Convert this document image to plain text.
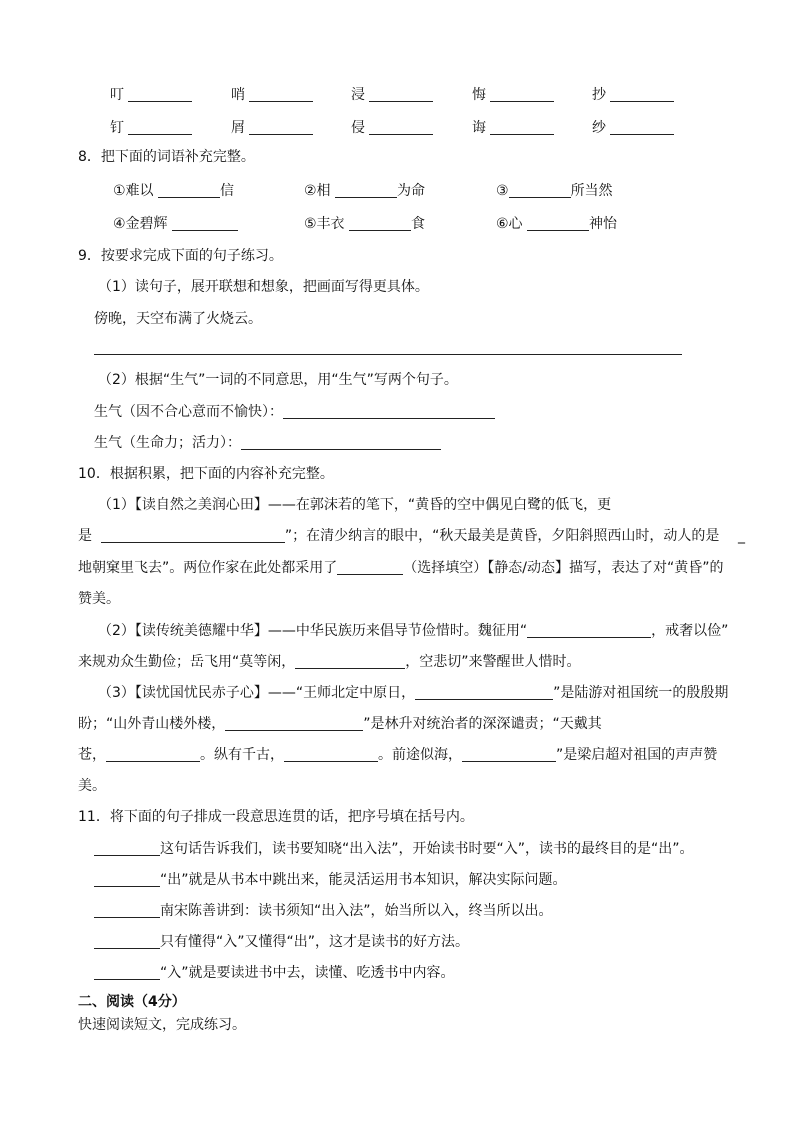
叮	哨	浸	悔	抄
钉	屑	侵	诲	纱
8．把下面的词语补充完整。
①难以	信	②相	为命	③	所当然
④金碧辉	⑤丰衣	食	⑥心	神怡
9．按要求完成下面的句子练习。
（1）读句子，展开联想和想象，把画面写得更具体。
傍晚，天空布满了火烧云。
（2）根据“生气”一词的不同意思，用“生气”写两个句子。
生气（因不合心意而不愉快）：
生气（生命力；活力）：
10．根据积累，把下面的内容补充完整。
（1）【读自然之美润心田】——在郭沫若的笔下，“黄昏的空中偶见白鹭的低飞，更
是	”；在清少纳言的眼中，“秋天最美是黄昏，夕阳斜照西山时，动人的是 _
地朝窠里飞去”。两位作家在此处都采用了	（选择填空）【静态/动态】描写，表达了对“黄昏”的
赞美。
（2）【读传统美德耀中华】——中华民族历来倡导节俭惜时。魏征用“	，戒奢以俭”
来规劝众生勤俭；岳飞用“莫等闲，	，空悲切”来警醒世人惜时。
（3）【读忧国忧民赤子心】——“王师北定中原日，	”是陆游对祖国统一的殷殷期
盼；“山外青山楼外楼，	”是林升对统治者的深深谴责；“天戴其
苍，	。纵有千古，	。前途似海，	”是梁启超对祖国的声声赞
美。
11．将下面的句子排成一段意思连贯的话，把序号填在括号内。
这句话告诉我们，读书要知晓“出入法”，开始读书时要“入”，读书的最终目的是“出”。
“出”就是从书本中跳出来，能灵活运用书本知识，解决实际问题。
南宋陈善讲到：读书须知“出入法”，始当所以入，终当所以出。
只有懂得“入”又懂得“出”，这才是读书的好方法。
“入”就是要读进书中去，读懂、吃透书中内容。
二、阅读（4分）
快速阅读短文，完成练习。
